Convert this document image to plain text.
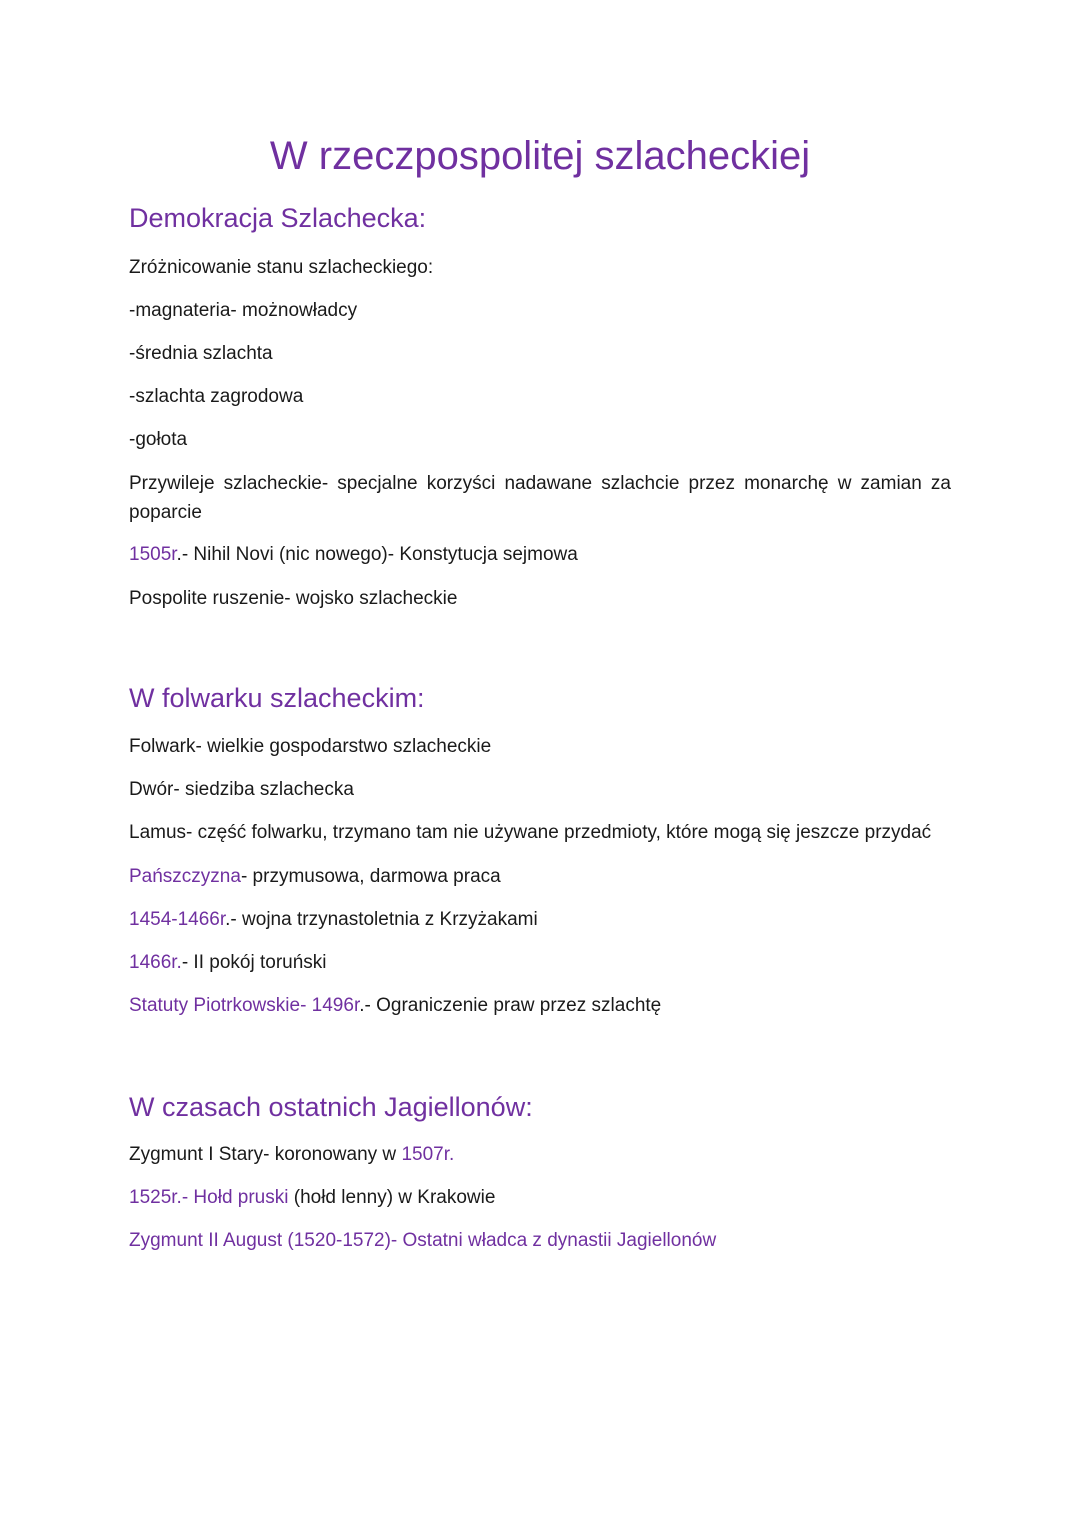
W rzeczpospolitej szlacheckiej
Demokracja Szlachecka:

Zróżnicowanie stanu szlacheckiego:

-magnateria- możnowładcy

-średnia szlachta

-szlachta zagrodowa

-gołota

Przywileje szlacheckie- specjalne korzyści nadawane szlachcie przez monarchę w zamian za poparcie

1505r.- Nihil Novi (nic nowego)- Konstytucja sejmowa

Pospolite ruszenie- wojsko szlacheckie

W folwarku szlacheckim:

Folwark- wielkie gospodarstwo szlacheckie

Dwór- siedziba szlachecka

Lamus- część folwarku, trzymano tam nie używane przedmioty, które mogą się jeszcze przydać

Pańszczyzna- przymusowa, darmowa praca

1454-1466r.- wojna trzynastoletnia z Krzyżakami

1466r.- II pokój toruński

Statuty Piotrkowskie- 1496r.- Ograniczenie praw przez szlachtę

W czasach ostatnich Jagiellonów:

Zygmunt I Stary- koronowany w 1507r.

1525r.- Hołd pruski (hołd lenny) w Krakowie

Zygmunt II August (1520-1572)- Ostatni władca z dynastii Jagiellonów
